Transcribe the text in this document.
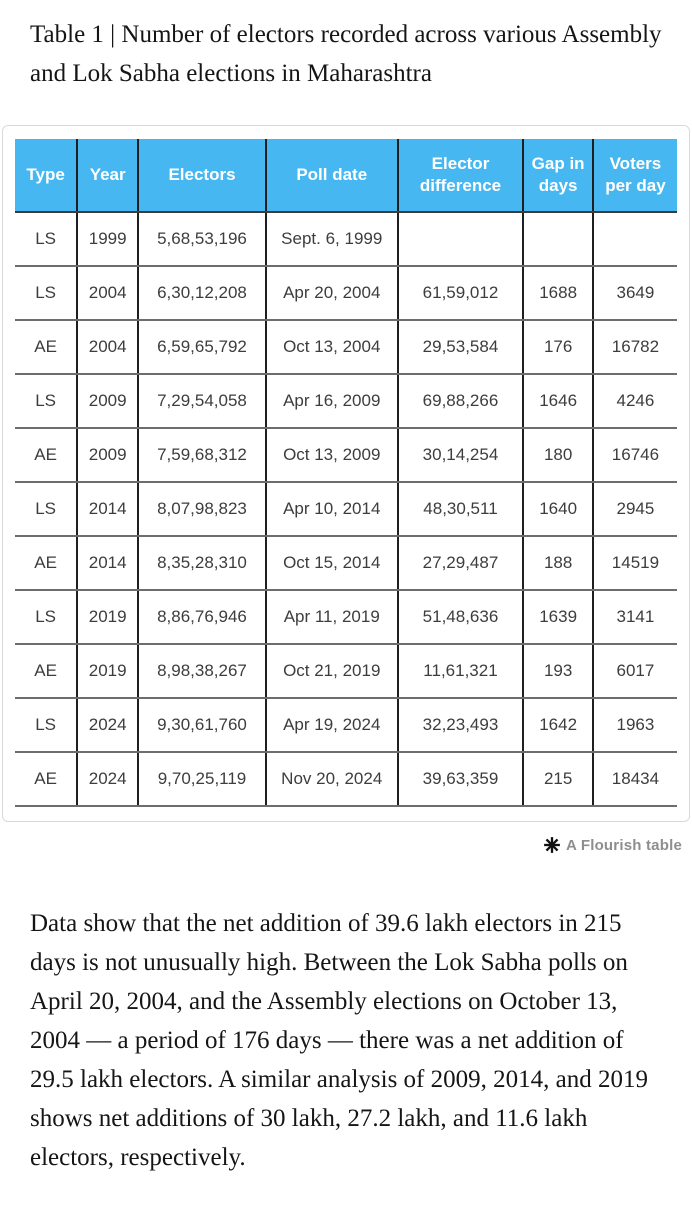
Table 1 | Number of electors recorded across various Assembly and Lok Sabha elections in Maharashtra
Type	Year	Electors	Poll date	Elector difference	Gap in days	Voters per day
LS	1999	5,68,53,196	Sept. 6, 1999			
LS	2004	6,30,12,208	Apr 20, 2004	61,59,012	1688	3649
AE	2004	6,59,65,792	Oct 13, 2004	29,53,584	176	16782
LS	2009	7,29,54,058	Apr 16, 2009	69,88,266	1646	4246
AE	2009	7,59,68,312	Oct 13, 2009	30,14,254	180	16746
LS	2014	8,07,98,823	Apr 10, 2014	48,30,511	1640	2945
AE	2014	8,35,28,310	Oct 15, 2014	27,29,487	188	14519
LS	2019	8,86,76,946	Apr 11, 2019	51,48,636	1639	3141
AE	2019	8,98,38,267	Oct 21, 2019	11,61,321	193	6017
LS	2024	9,30,61,760	Apr 19, 2024	32,23,493	1642	1963
AE	2024	9,70,25,119	Nov 20, 2024	39,63,359	215	18434
A Flourish table

Data show that the net addition of 39.6 lakh electors in 215 days is not unusually high. Between the Lok Sabha polls on April 20, 2004, and the Assembly elections on October 13, 2004 — a period of 176 days — there was a net addition of 29.5 lakh electors. A similar analysis of 2009, 2014, and 2019 shows net additions of 30 lakh, 27.2 lakh, and 11.6 lakh electors, respectively.
